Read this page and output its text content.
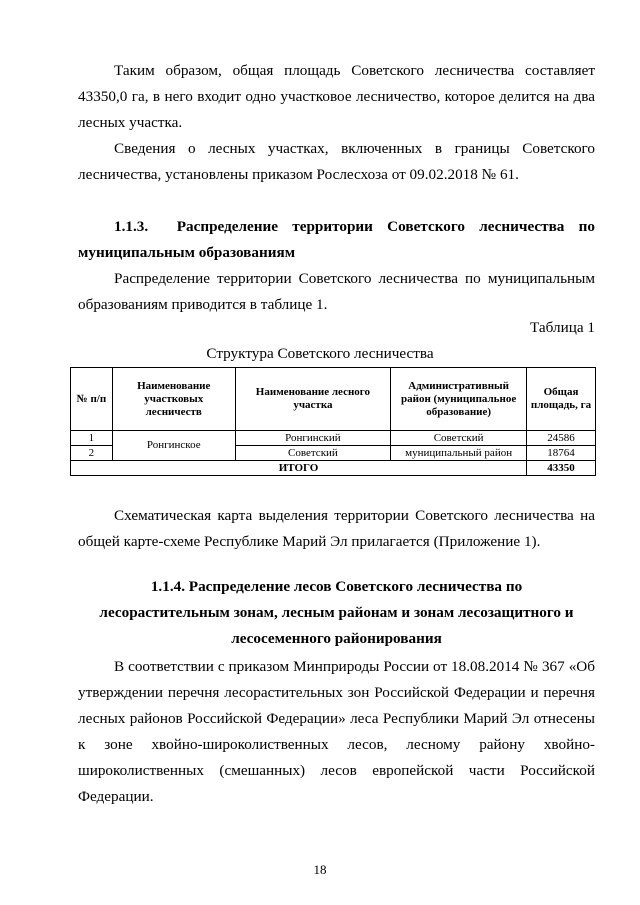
Таким образом, общая площадь Советского лесничества составляет 43350,0 га, в него входит одно участковое лесничество, которое делится на два лесных участка.

Сведения о лесных участках, включенных в границы Советского лесничества, установлены приказом Рослесхоза от 09.02.2018 № 61.

1.1.3. Распределение территории Советского лесничества по муниципальным образованиям

Распределение территории Советского лесничества по муниципальным образованиям приводится в таблице 1.

Таблица 1

Структура Советского лесничества

№ п/п	Наименование участковых лесничеств	Наименование лесного участка	Административный район (муниципальное образование)	Общая площадь, га
1	Ронгинское	Ронгинский	Советский	24586
2		Советский	муниципальный район	18764
ИТОГО				43350

Схематическая карта выделения территории Советского лесничества на общей карте-схеме Республике Марий Эл прилагается (Приложение 1).

1.1.4. Распределение лесов Советского лесничества по
лесорастительным зонам, лесным районам и зонам лесозащитного и
лесосеменного районирования

В соответствии с приказом Минприроды России от 18.08.2014 № 367 «Об утверждении перечня лесорастительных зон Российской Федерации и перечня лесных районов Российской Федерации» леса Республики Марий Эл отнесены к зоне хвойно-широколиственных лесов, лесному району хвойно-широколиственных (смешанных) лесов европейской части Российской Федерации.

18
